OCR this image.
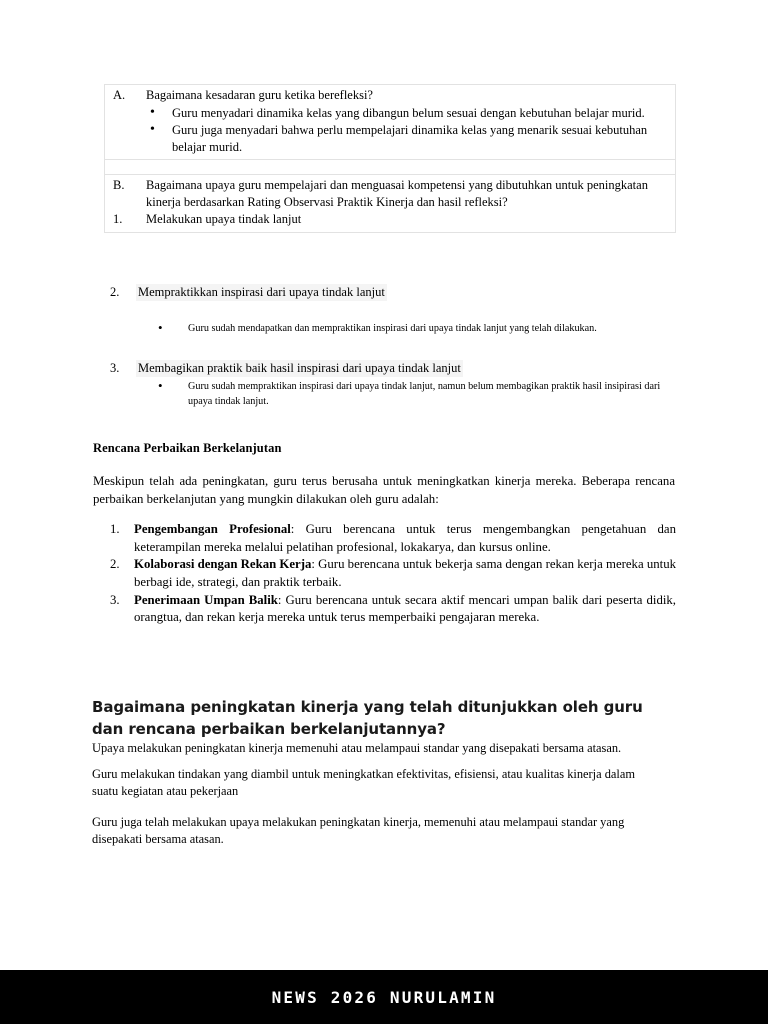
A.	Bagaimana kesadaran guru ketika berefleksi?
• Guru menyadari dinamika kelas yang dibangun belum sesuai dengan kebutuhan belajar murid.
• Guru juga menyadari bahwa perlu mempelajari dinamika kelas yang menarik sesuai kebutuhan belajar murid.

B.	Bagaimana upaya guru mempelajari dan menguasai kompetensi yang dibutuhkan untuk peningkatan kinerja berdasarkan Rating Observasi Praktik Kinerja dan hasil refleksi?
1.	Melakukan upaya tindak lanjut
2.	Mempraktikkan inspirasi dari upaya tindak lanjut
• Guru sudah mendapatkan dan mempraktikan inspirasi dari upaya tindak lanjut yang telah dilakukan.
3.	Membagikan praktik baik hasil inspirasi dari upaya tindak lanjut
• Guru sudah mempraktikan inspirasi dari upaya tindak lanjut, namun belum membagikan praktik hasil insipirasi dari upaya tindak lanjut.
Rencana Perbaikan Berkelanjutan
Meskipun telah ada peningkatan, guru terus berusaha untuk meningkatkan kinerja mereka. Beberapa rencana perbaikan berkelanjutan yang mungkin dilakukan oleh guru adalah:
1. Pengembangan Profesional: Guru berencana untuk terus mengembangkan pengetahuan dan keterampilan mereka melalui pelatihan profesional, lokakarya, dan kursus online.
2. Kolaborasi dengan Rekan Kerja: Guru berencana untuk bekerja sama dengan rekan kerja mereka untuk berbagi ide, strategi, dan praktik terbaik.
3. Penerimaan Umpan Balik: Guru berencana untuk secara aktif mencari umpan balik dari peserta didik, orangtua, dan rekan kerja mereka untuk terus memperbaiki pengajaran mereka.
Bagaimana peningkatan kinerja yang telah ditunjukkan oleh guru dan rencana perbaikan berkelanjutannya?
Upaya melakukan peningkatan kinerja memenuhi atau melampaui standar yang disepakati bersama atasan.
Guru melakukan tindakan yang diambil untuk meningkatkan efektivitas, efisiensi, atau kualitas kinerja dalam suatu kegiatan atau pekerjaan
Guru juga telah melakukan upaya melakukan peningkatan kinerja, memenuhi atau melampaui standar yang disepakati bersama atasan.
NEWS 2026 NURULAMIN
